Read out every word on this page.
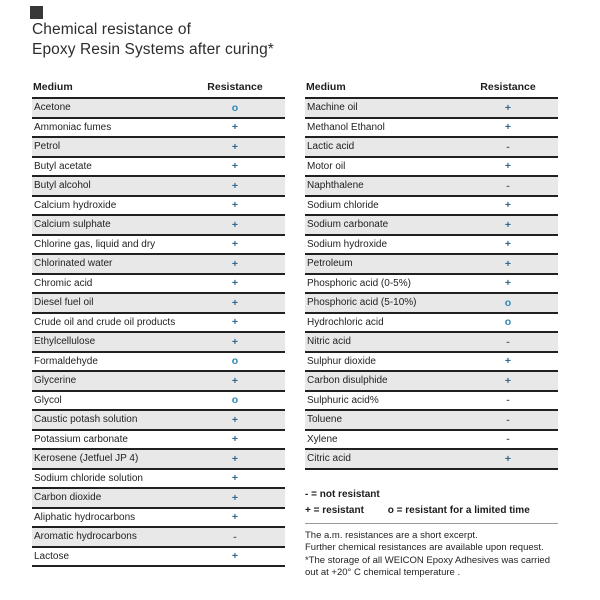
Chemical resistance of
Epoxy Resin Systems after curing*
Medium	Resistance
Acetone	o
Ammoniac fumes	+
Petrol	+
Butyl acetate	+
Butyl alcohol	+
Calcium hydroxide	+
Calcium sulphate	+
Chlorine gas, liquid and dry	+
Chlorinated water	+
Chromic acid	+
Diesel fuel oil	+
Crude oil and crude oil products	+
Ethylcellulose	+
Formaldehyde	o
Glycerine	+
Glycol	o
Caustic potash solution	+
Potassium carbonate	+
Kerosene (Jetfuel JP 4)	+
Sodium chloride solution	+
Carbon dioxide	+
Aliphatic hydrocarbons	+
Aromatic hydrocarbons	-
Lactose	+
Medium	Resistance
Machine oil	+
Methanol Ethanol	+
Lactic acid	-
Motor oil	+
Naphthalene	-
Sodium chloride	+
Sodium carbonate	+
Sodium hydroxide	+
Petroleum	+
Phosphoric acid (0-5%)	+
Phosphoric acid (5-10%)	o
Hydrochloric acid	o
Nitric acid	-
Sulphur dioxide	+
Carbon disulphide	+
Sulphuric acid%	-
Toluene	-
Xylene	-
Citric acid	+
- = not resistant
+ = resistant o = resistant for a limited time
The a.m. resistances are a short excerpt.
Further chemical resistances are available upon request.
*The storage of all WEICON Epoxy Adhesives was carried
out at +20° C chemical temperature .
